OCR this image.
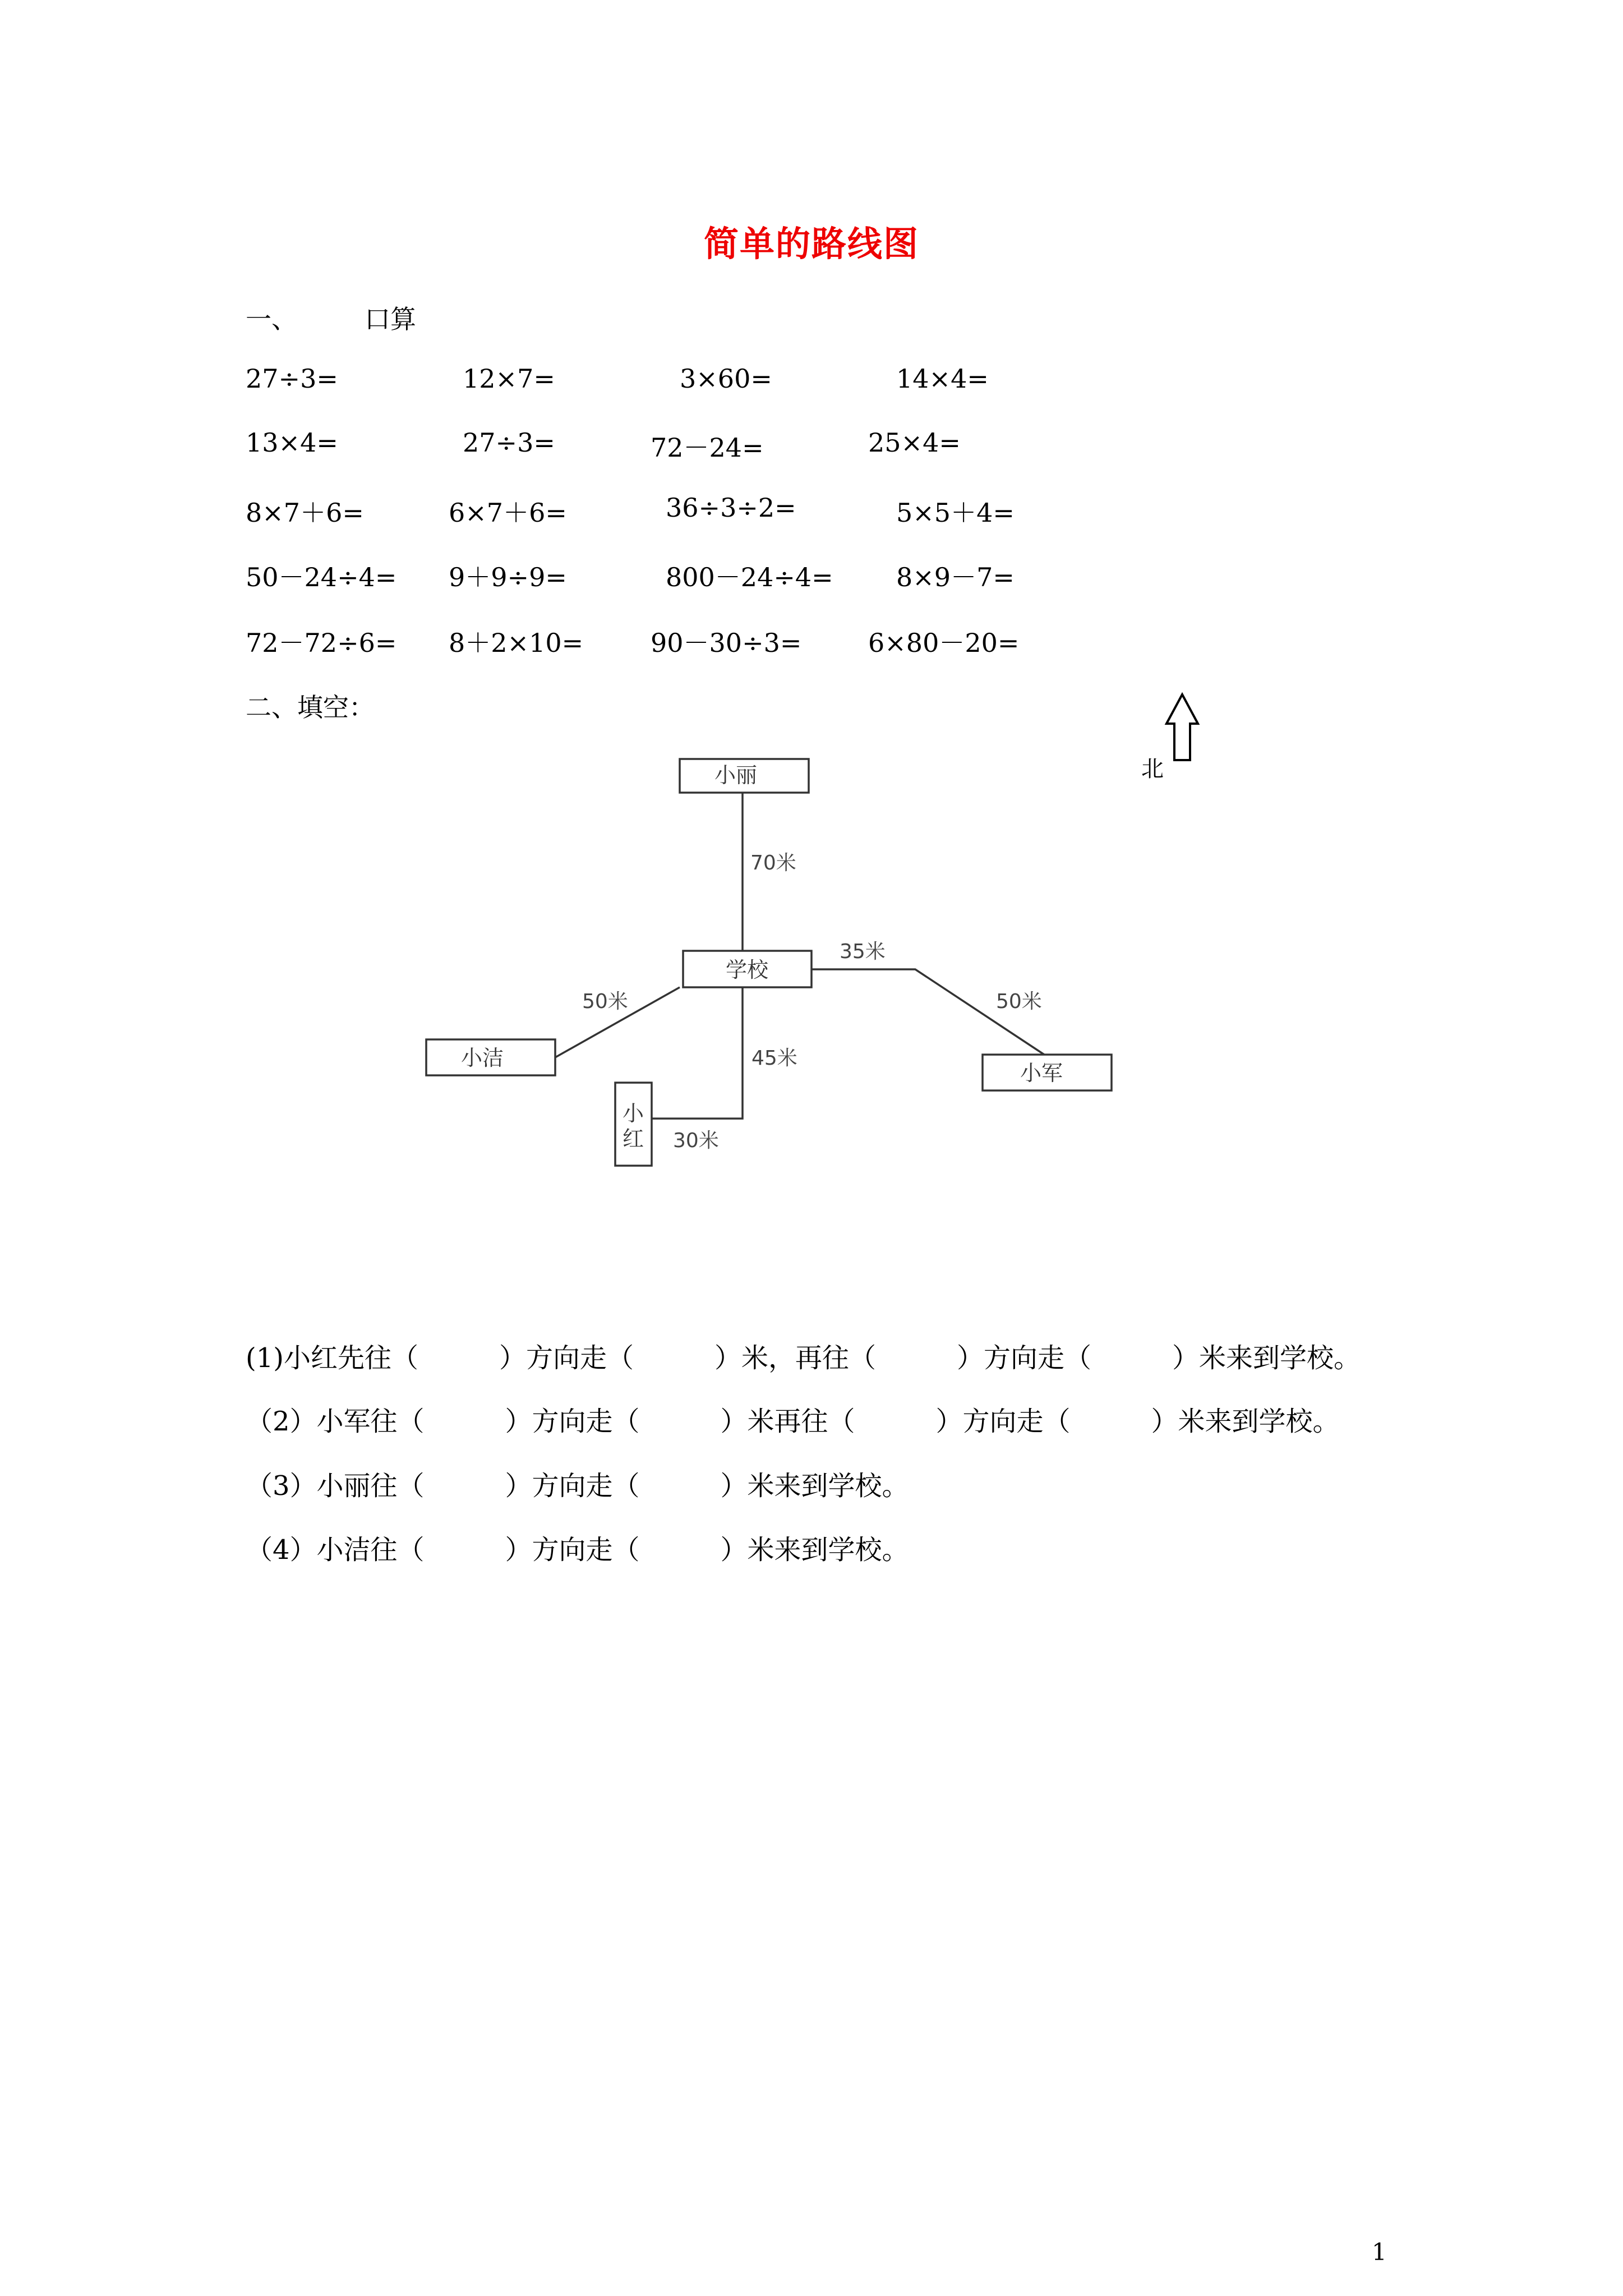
简单的路线图
一、	口算
27÷3=	12×7=	3×60=	14×4=
13×4=	27÷3=	72－24=	25×4=
8×7＋6=	6×7＋6=	36÷3÷2=	5×5＋4=
50－24÷4= 9＋9÷9=	800－24÷4= 8×9－7=
72－72÷6= 8＋2×10=	90－30÷3=	6×80－20=
二、填空：
北
小丽
学校
小洁
小军
小
红
70米
35米
50米
50米
45米
30米
(1)小红先往（　　　）方向走（　　　）米，再往（　　　）方向走（　　　）米来到学校。
（2）小军往（　　　）方向走（　　　）米再往（　　　）方向走（　　　）米来到学校。
（3）小丽往（　　　）方向走（　　　）米来到学校。
（4）小洁往（　　　）方向走（　　　）米来到学校。
1
